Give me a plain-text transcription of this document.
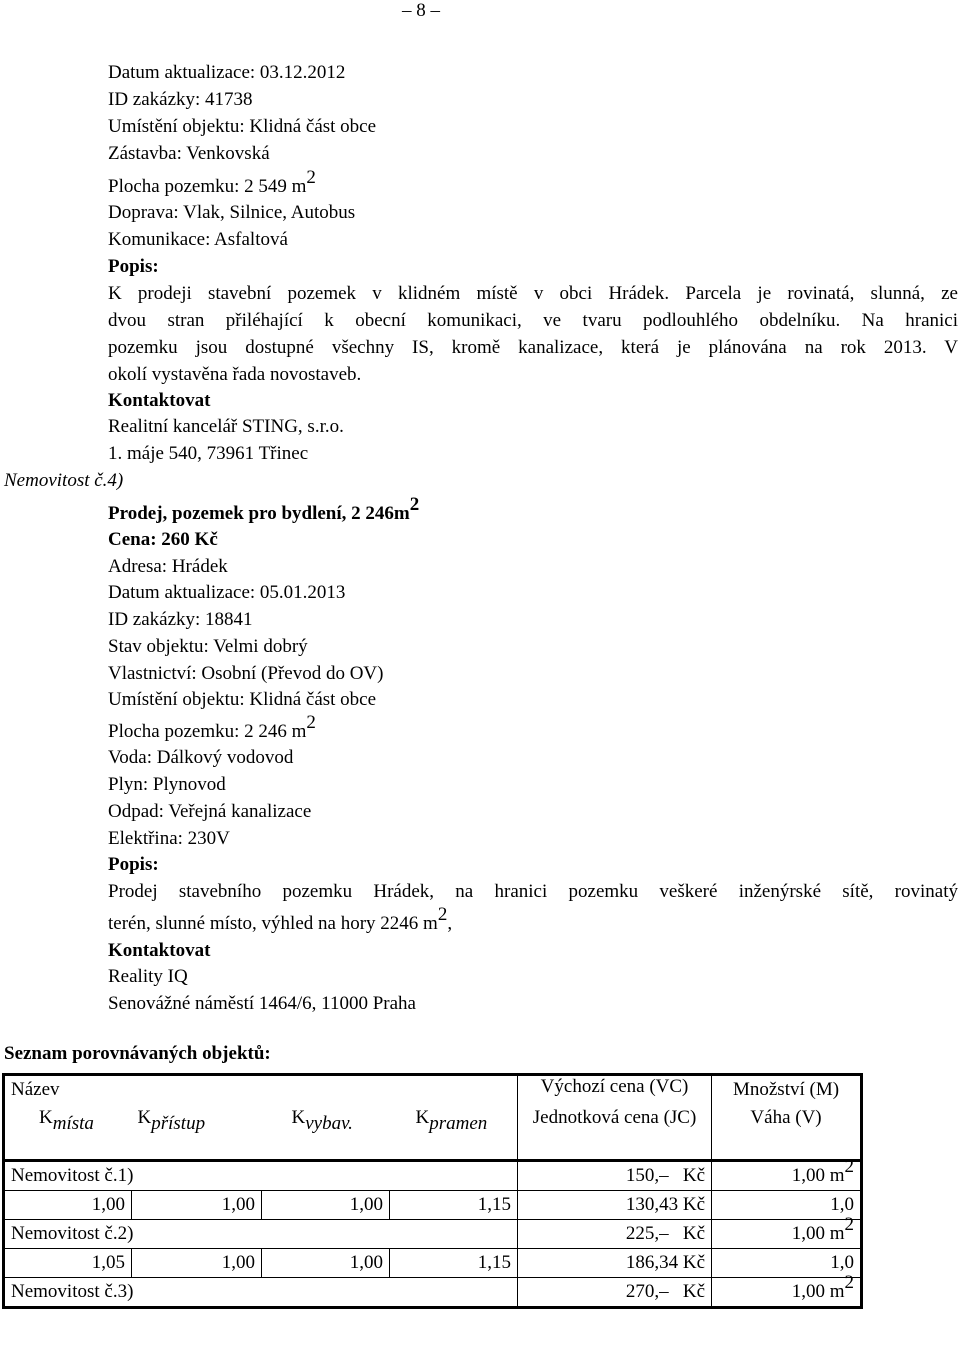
– 8 –
Datum aktualizace: 03.12.2012
ID zakázky: 41738
Umístění objektu: Klidná část obce
Zástavba: Venkovská
Plocha pozemku: 2 549 $m^2$
Doprava: Vlak, Silnice, Autobus
Komunikace: Asfaltová
Popis:
K prodeji stavební pozemek v klidném místě v obci Hrádek. Parcela je rovinatá, slunná, ze
dvou stran přiléhající k obecní komunikaci, ve tvaru podlouhlého obdelníku. Na hranici
pozemku jsou dostupné všechny IS, kromě kanalizace, která je plánována na rok 2013. V
okolí vystavěna řada novostaveb.
Kontaktovat
Realitní kancelář STING, s.r.o.
1. máje 540, 73961 Třinec
Nemovitost č.4)
Prodej, pozemek pro bydlení, 2 $246m^2$
Cena: 260 Kč
Adresa: Hrádek
Datum aktualizace: 05.01.2013
ID zakázky: 18841
Stav objektu: Velmi dobrý
Vlastnictví: Osobní (Převod do OV)
Umístění objektu: Klidná část obce
Plocha pozemku: 2 246 $m^2$
Voda: Dálkový vodovod
Plyn: Plynovod
Odpad: Veřejná kanalizace
Elektřina: 230V
Popis:
Prodej stavebního pozemku Hrádek, na hranici pozemku veškeré inženýrské sítě, rovinatý
terén, slunné místo, výhled na hory 2246 $m^2$,
Kontaktovat
Reality IQ
Senovážné náměstí 1464/6, 11000 Praha
Seznam porovnávaných objektů:
Název				Výchozí cena (VC)	Množství (M)
$K_{místa}$	$K_{přístup}$	$K_{vybav.}$	$K_{pramen}$	Jednotková cena (JC)	Váha (V)
Nemovitost č.1)				150,– Kč	1,00 $m^2$
1,00	1,00	1,00	1,15	130,43 Kč	1,0
Nemovitost č.2)				225,– Kč	1,00 $m^2$
1,05	1,00	1,00	1,15	186,34 Kč	1,0
Nemovitost č.3)				270,– Kč	1,00 $m^2$
